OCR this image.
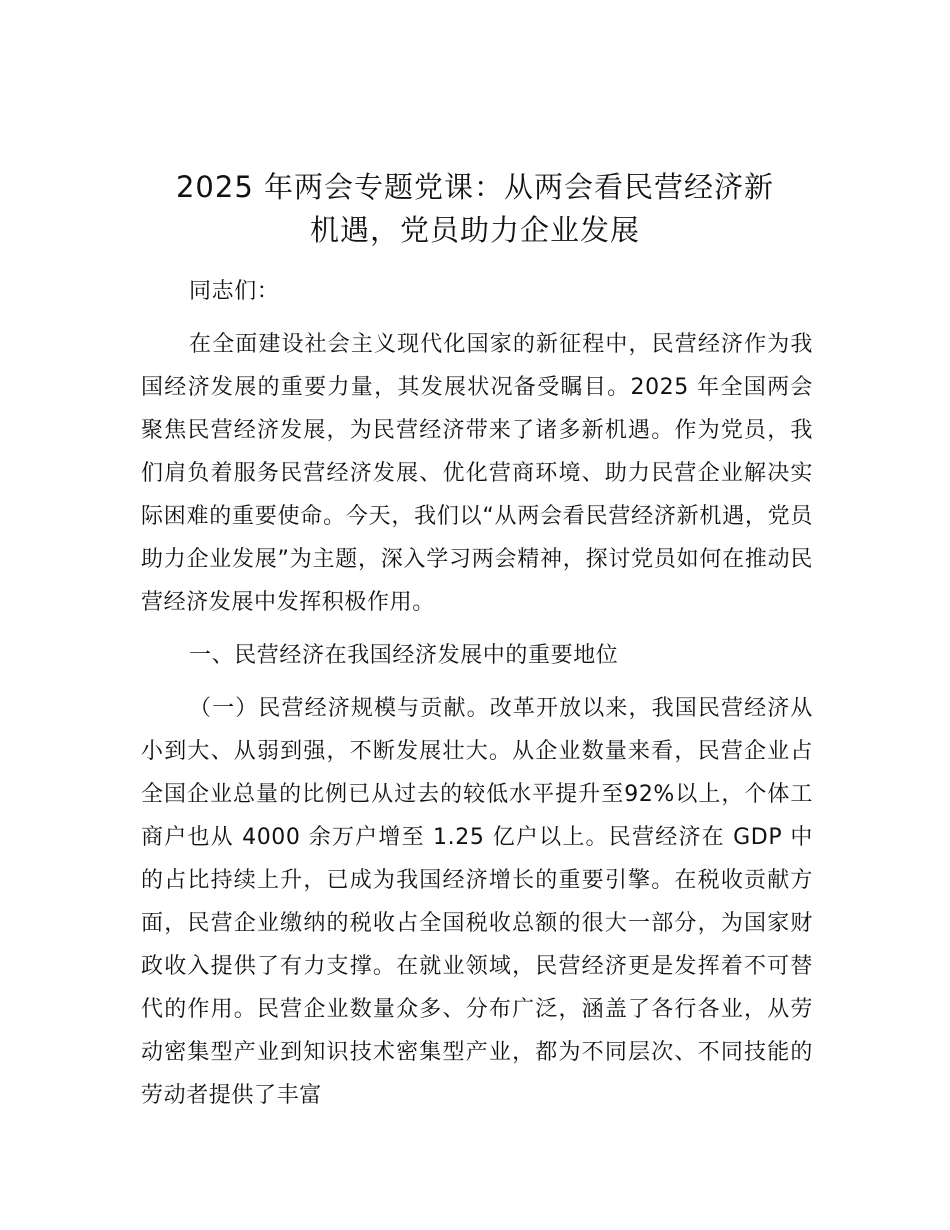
2025 年两会专题党课：从两会看民营经济新
机遇，党员助力企业发展

同志们：

在全面建设社会主义现代化国家的新征程中，民营经济作为我国经济发展的重要力量，其发展状况备受瞩目。2025 年全国两会聚焦民营经济发展，为民营经济带来了诸多新机遇。作为党员，我们肩负着服务民营经济发展、优化营商环境、助力民营企业解决实际困难的重要使命。今天，我们以“从两会看民营经济新机遇，党员助力企业发展”为主题，深入学习两会精神，探讨党员如何在推动民营经济发展中发挥积极作用。

一、民营经济在我国经济发展中的重要地位

（一）民营经济规模与贡献。改革开放以来，我国民营经济从小到大、从弱到强，不断发展壮大。从企业数量来看，民营企业占全国企业总量的比例已从过去的较低水平提升至92%以上，个体工商户也从 4000 余万户增至 1.25 亿户以上。民营经济在 GDP 中的占比持续上升，已成为我国经济增长的重要引擎。在税收贡献方面，民营企业缴纳的税收占全国税收总额的很大一部分，为国家财政收入提供了有力支撑。在就业领域，民营经济更是发挥着不可替代的作用。民营企业数量众多、分布广泛，涵盖了各行各业，从劳动密集型产业到知识技术密集型产业，都为不同层次、不同技能的劳动者提供了丰富
